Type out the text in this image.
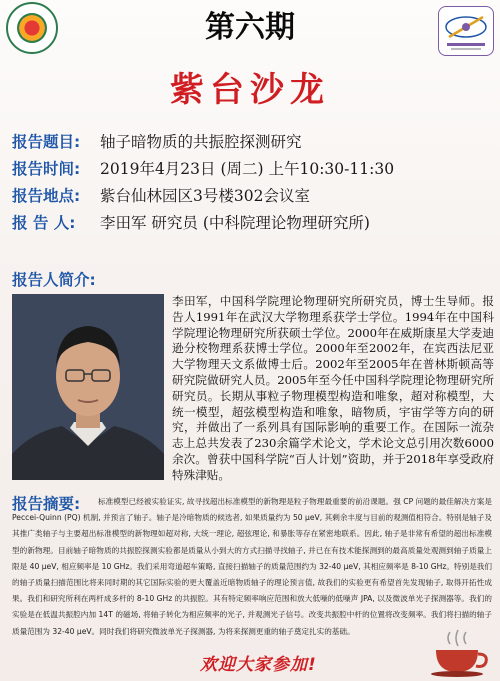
第六期
紫台沙龙
报告题目:	轴子暗物质的共振腔探测研究
报告时间:	2019年4月23日 (周二) 上午10:30-11:30
报告地点:	紫台仙林园区3号楼302会议室
报 告 人:	李田军 研究员 (中科院理论物理研究所)
报告人简介:
李田军，中国科学院理论物理研究所研究员，博士生导师。报告人1991年在武汉大学物理系获学士学位。1994年在中国科学院理论物理研究所获硕士学位。2000年在威斯康星大学麦迪逊分校物理系获博士学位。2000年至2002年，在宾西法尼亚大学物理天文系做博士后。2002年至2005年在普林斯顿高等研究院做研究人员。2005年至今任中国科学院理论物理研究所研究员。长期从事粒子物理模型构造和唯象，超对称模型，大统一模型，超弦模型构造和唯象，暗物质，宇宙学等方向的研究，并做出了一系列具有国际影响的重要工作。在国际一流杂志上总共发表了230余篇学术论文，学术论文总引用次数6000余次。曾获中国科学院“百人计划”资助，并于2018年享受政府特殊津贴。
标准模型已经被实验证实, 故寻找超出标准模型的新物理是粒子物理最重要的前沿课题。强 CP 问题的最佳解决方案是 Peccei-Quinn (PQ) 机制, 并预言了轴子。轴子是冷暗物质的候选者, 如果质量约为 50 μeV, 其剩余丰度与目前的观测值相符合。特别是轴子及其推广类轴子与主要超出标准模型的新物理如超对称, 大统一理论, 超弦理论, 和暴胀等存在紧密地联系。因此, 轴子是非常有希望的超出标准模型的新物理。目前轴子暗物质的共振腔探测实验都是质量从小到大的方式扫描寻找轴子, 并已在有技术能探测到的最高质量处观测到轴子质量上限是 40 μeV, 相应频率是 10 GHz。我们采用弯道超车策略, 直接扫描轴子的质量范围约为 32-40 μeV, 其相应频率是 8-10 GHz。特别是我们的轴子质量扫描范围比将来同时期的其它国际实验的更大覆盖近暗物质轴子的理论预言值, 故我们的实验更有希望首先发现轴子, 取得开拓性成果。我们和研究所利在两杆成多杆的 8-10 GHz 的共振腔。其有特定频率响应范围和放大低噪的低噪声 JPA, 以及微波单光子探测器等。我们的实验是在低温共振腔内加 14T 的磁场, 将轴子转化为相应频率的光子, 并观测光子信号。改变共振腔中杆的位置将改变频率。我们将扫描的轴子质量范围为 32-40 μeV。同时我们将研究微波单光子探测器, 为将来探测更重的轴子奠定扎实的基础。
报告摘要:
欢迎大家参加!
